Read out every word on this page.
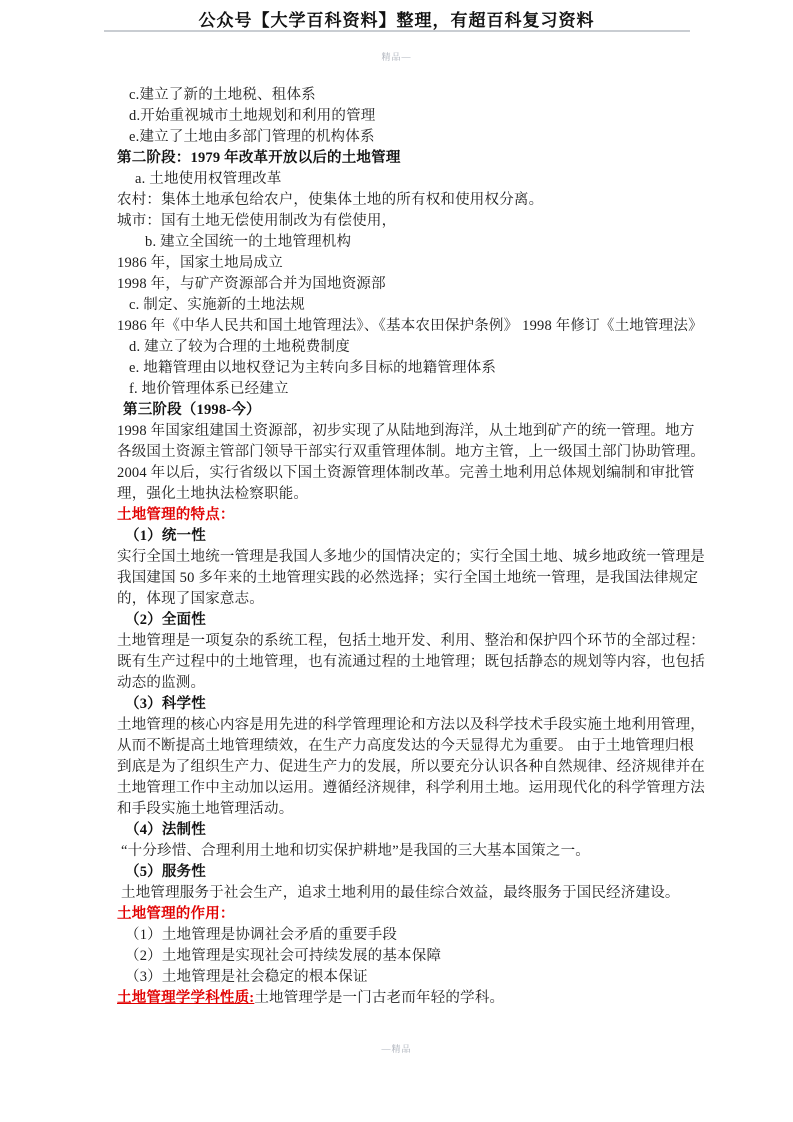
公众号【大学百科资料】整理，有超百科复习资料
精品—
c.建立了新的土地税、租体系
d.开始重视城市土地规划和利用的管理
e.建立了土地由多部门管理的机构体系
第二阶段：1979 年改革开放以后的土地管理
a. 土地使用权管理改革
农村：集体土地承包给农户，使集体土地的所有权和使用权分离。
城市：国有土地无偿使用制改为有偿使用，
b. 建立全国统一的土地管理机构
1986 年，国家土地局成立
1998 年，与矿产资源部合并为国地资源部
c. 制定、实施新的土地法规
1986 年《中华人民共和国土地管理法》、《基本农田保护条例》 1998 年修订《土地管理法》
d. 建立了较为合理的土地税费制度
e. 地籍管理由以地权登记为主转向多目标的地籍管理体系
f. 地价管理体系已经建立
第三阶段（1998-今）
1998 年国家组建国土资源部，初步实现了从陆地到海洋，从土地到矿产的统一管理。地方
各级国土资源主管部门领导干部实行双重管理体制。地方主管，上一级国土部门协助管理。
2004 年以后，实行省级以下国土资源管理体制改革。完善土地利用总体规划编制和审批管
理，强化土地执法检察职能。
土地管理的特点：
（1）统一性
实行全国土地统一管理是我国人多地少的国情决定的；实行全国土地、城乡地政统一管理是
我国建国 50 多年来的土地管理实践的必然选择；实行全国土地统一管理，是我国法律规定
的，体现了国家意志。
（2）全面性
土地管理是一项复杂的系统工程，包括土地开发、利用、整治和保护四个环节的全部过程：
既有生产过程中的土地管理，也有流通过程的土地管理；既包括静态的规划等内容，也包括
动态的监测。
（3）科学性
土地管理的核心内容是用先进的科学管理理论和方法以及科学技术手段实施土地利用管理，
从而不断提高土地管理绩效，在生产力高度发达的今天显得尤为重要。 由于土地管理归根
到底是为了组织生产力、促进生产力的发展，所以要充分认识各种自然规律、经济规律并在
土地管理工作中主动加以运用。遵循经济规律，科学利用土地。运用现代化的科学管理方法
和手段实施土地管理活动。
（4）法制性
“十分珍惜、合理利用土地和切实保护耕地”是我国的三大基本国策之一。
（5）服务性
土地管理服务于社会生产，追求土地利用的最佳综合效益，最终服务于国民经济建设。
土地管理的作用：
（1）土地管理是协调社会矛盾的重要手段
（2）土地管理是实现社会可持续发展的基本保障
（3）土地管理是社会稳定的根本保证
土地管理学学科性质:土地管理学是一门古老而年轻的学科。
—精品
